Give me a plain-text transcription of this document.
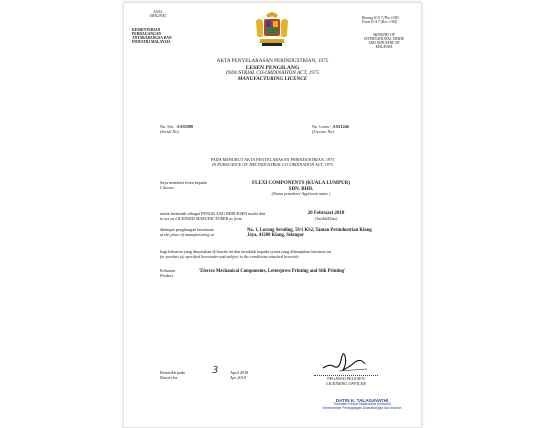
ASAL
ORIGINAL
KEMENTERIAN
PERDAGANGAN
ANTARABANGSA DAN
INDUSTRI MALAYSIA
Borang ICA 7 (Pin 1/08)
Form ICA 7 (Rev. 1/08)
MINISTRY OF
INTERNATIONAL TRADE
AND INDUSTRY OF
MALAYSIA
AKTA PENYELARASAN PERINDUSTRIAN, 1975
LESEN PENGILANG
INDUSTRIAL CO-ORDINATION ACT, 1975
MANUFACTURING LICENCE
No. Siri : A 035980
(Serial No)
No. Lesen : A 021246
(Licence No)
PADA MENURUT AKTA PENYELARASAN PERINDUSTRIAN, 1975
IN PURSUANCE OF THE INDUSTRIAL CO-ORDINATION ACT, 1975
Saya memberi lesen kepada
I licence
FLEXI COMPONENTS (KUALA LUMPUR)
SDN. BHD.
(Nama pemohon/ Applicant name )
untuk bertindak sebagai PENGILANG BERLESEN mulai dari
to act as LICENSED MANUFACTURER as from
20 Februari 2018
(Tarikh/Date)
ditempat pengilangan beralamat
at the place of manufacturing at
No. 1, Lorong Seruling, 59/1 KS2, Taman Perindustrian Klang
Jaya, 41200 Klang, Selangor
bagi keluaran yang dinyatakan di bawah ini dan tertakluk kepada syarat yang dilampirkan bersama ini
for product (s) specified hereunder and subject to the conditions attached herewith
Keluaran
Product
'Electro Mechanical Components, Letterpress Printing and Silk Printing'
Bertarikh pada
Dated this
3	April 2018
Apr 2018	PEGAWAI PELESEN
LICENSING OFFICER
DATIN K. TALAGAVATHI
Timbalan Ketua Setiausaha (Industri)
Kementerian Perdagangan Antarabangsa dan Industri
